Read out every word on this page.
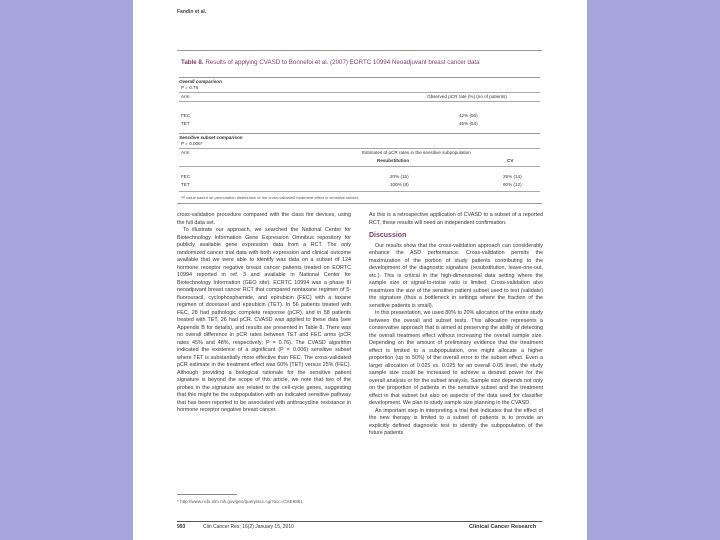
Fandin et al.
Table 8. Results of applying CVASD to Bonnefoi et al. (2007) EORTC 10994 Neoadjuvant breast cancer data
Overall comparison
P = 0.76
Arm	Observed pCR rate (%) (no of patients)
FEC	42% (56)
TET	45% (54)
Sensitive subset comparison
P = 0.006*
Arm	Estimates of pCR rates in the sensitive subpopulation
Resubstitution	CV
FEC	20% (15)	25% (14)
TET	100% (8)	60% (12)
*P value based on permutation distribution of the cross-validated treatment effect in sensitive subset.

cross-validation procedure compared with the class fire devices, using the full data set.

To illustrate our approach, we searched the National Center for Biotechnology Information Gene Expression Omnibus repository for publicly available gene expression data from a RCT. The only randomized cancer trial data with both expression and clinical outcome available that we were able to identify was data on a subset of 124 hormone receptor negative breast cancer patients treated on EORTC 10994 reported in ref. 3 and available in National Center for Biotechnology Information (GEO site). ECRTC 10994 was a phase III neoadjuvant breast cancer RCT that compared nontaxane regimen of 5-fluorouracil, cyclophosphamide, and epirubicin (FEC) with a taxane regimen of docetaxel and epirubicin (TET). In 56 patients treated with FEC, 28 had pathologic complete response (pCR), and in 58 patients treated with TET, 26 had pCR. CVASD was applied to these data (see Appendix B for details), and results are presented in Table 8. There was no overall difference in pCR rates between TET and FEC arms (pCR rates 45% and 48%, respectively; P = 0.76). The CVASD algorithm indicated the existence of a significant (P = 0.006) sensitive subset where TET is substantially more effective than FEC. The cross-validated pCR estimate in the treatment effect was 60% (TET) versus 25% (FEC). Although providing a biological rationale for the sensitive patient signature is beyond the scope of this article, we note that two of the probes in the signature are related to the cell-cycle genes, suggesting that this might be the subpopulation with an indicated sensitive pathway that has been reported to be associated with anthracycline resistance in hormone receptor negative breast cancer.

As this is a retrospective application of CVASD to a subset of a reported RCT, these results will need an independent confirmation.

Discussion

Our results show that the cross-validation approach can considerably enhance the ASD performance. Cross-validation permits the maximization of the portion of study patients contributing to the development of the diagnostic signature (resubstitution, leave-one-out, etc.). This is critical in the high-dimensional data setting where the sample size or signal-to-noise ratio is limited. Cross-validation also maximizes the size of the sensitive patient subset used to test (validate) the signature (thus a bottleneck in settings where the fraction of the sensitive patients is small).

In this presentation, we used 80% to 20% allocation of the entire study between the overall and subset tests. This allocation represents a conservative approach that is aimed at preserving the ability of detecting the overall treatment effect without increasing the overall sample size. Depending on the amount of preliminary evidence that the treatment effect is limited to a subpopulation, one might allocate a higher proportion (up to 50%) of the overall error to the subset effect. Even a larger allocation of 0.025 vs. 0.025 for an overall 0.05 level, the study sample size could be increased to achieve a desired power for the overall analysis or for the subset analysis. Sample size depends not only on the proportion of patients in the sensitive subset and the treatment effect in that subset but also on aspects of the data used for classifier development. We plan to study sample size planning in the CVASD.

An important step in interpreting a trial that indicates that the effect of the new therapy is limited to a subset of patients is to provide an explicitly defined diagnostic test to identify the subpopulation of the future patients

⁵ http://www.ncbi.nlm.nih.gov/geo/query/acc.cgi?acc=GSE6861
993	Clin Cancer Res; 16(2) January 15, 2010	Clinical Cancer Research
